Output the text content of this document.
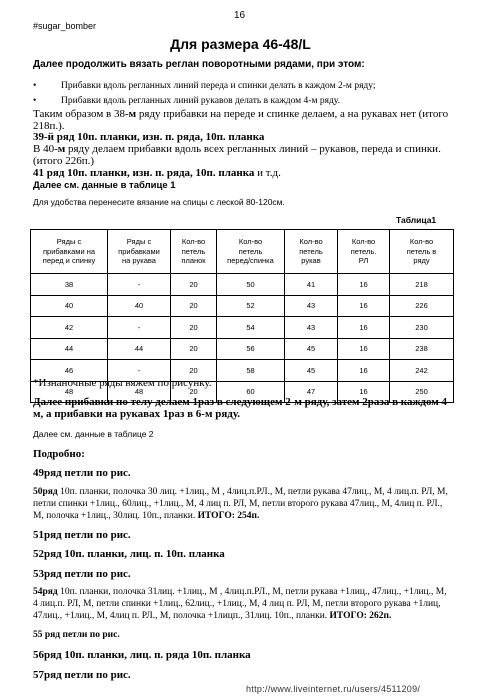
16
#sugar_bomber
Для размера 46-48/L
Далее продолжить вязать реглан поворотными рядами, при этом:
•	Прибавки вдоль регланных линий переда и спинки делать в каждом 2-м ряду;
•	Прибавки вдоль регланных линий рукавов делать в каждом 4-м ряду.
Таким образом в 38-м ряду прибавки на переде и спинке делаем, а на рукавах нет (итого 218п.).
39-й ряд 10п. планки, изн. п. ряда, 10п. планка
В 40-м ряду делаем прибавки вдоль всех регланных линий – рукавов, переда и спинки. (итого 226п.)
41 ряд 10п. планки, изн. п. ряда, 10п. планка и т.д.
Далее см. данные в таблице 1
Для удобства перенесите вязание на спицы с леской 80-120см.
Таблица1
Ряды с
прибавками на
перед и спинку	Ряды с
прибавками
на рукава	Кол-во
петель
планок	Кол-во
петель
перед/спинка	Кол-во
петель
рукав	Кол-во
петель.
РЛ	Кол-во
петель в
ряду
38	-	20	50	41	16	218
40	40	20	52	43	16	226
42	-	20	54	43	16	230
44	44	20	56	45	16	238
46	-	20	58	45	16	242
48	48	20	60	47	16	250
*Изнаночные ряды вяжем по рисунку.
Далее прибавки по телу делаем 1раз в следующем 2-м ряду, затем 2раза в каждом 4-м, а прибавки на рукавах 1раз в 6-м ряду.
Далее см. данные в таблице 2
Подробно:
49ряд петли по рис.
50ряд 10п. планки, полочка 30 лиц. +1лиц., М , 4лиц.п.РЛ., М, петли рукава 47лиц., М, 4 лиц.п. РЛ, М, петли спинки +1лиц., 60лиц., +1лиц., М, 4 лиц п. РЛ, М, петли второго рукава 47лиц., М, 4лиц п. РЛ., М, полочка +1лиц., 30лиц. 10п., планки. ИТОГО: 254п.
51ряд петли по рис.
52ряд 10п. планки, лиц. п. 10п. планка
53ряд петли по рис.
54ряд 10п. планки, полочка 31лиц. +1лиц., М , 4лиц.п.РЛ., М, петли рукава +1лиц., 47лиц., +1лиц., М, 4 лиц.п. РЛ, М, петли спинки +1лиц., 62лиц., +1лиц., М, 4 лиц п. РЛ, М, петли второго рукава +1лиц, 47лиц., +1лиц., М, 4лиц п. РЛ., М, полочка +1лицп., 31лиц. 10п., планки. ИТОГО: 262п.
55 ряд петли по рис.
56ряд 10п. планки, лиц. п. ряда 10п. планка
57ряд петли по рис.
http://www.liveinternet.ru/users/4511209/
